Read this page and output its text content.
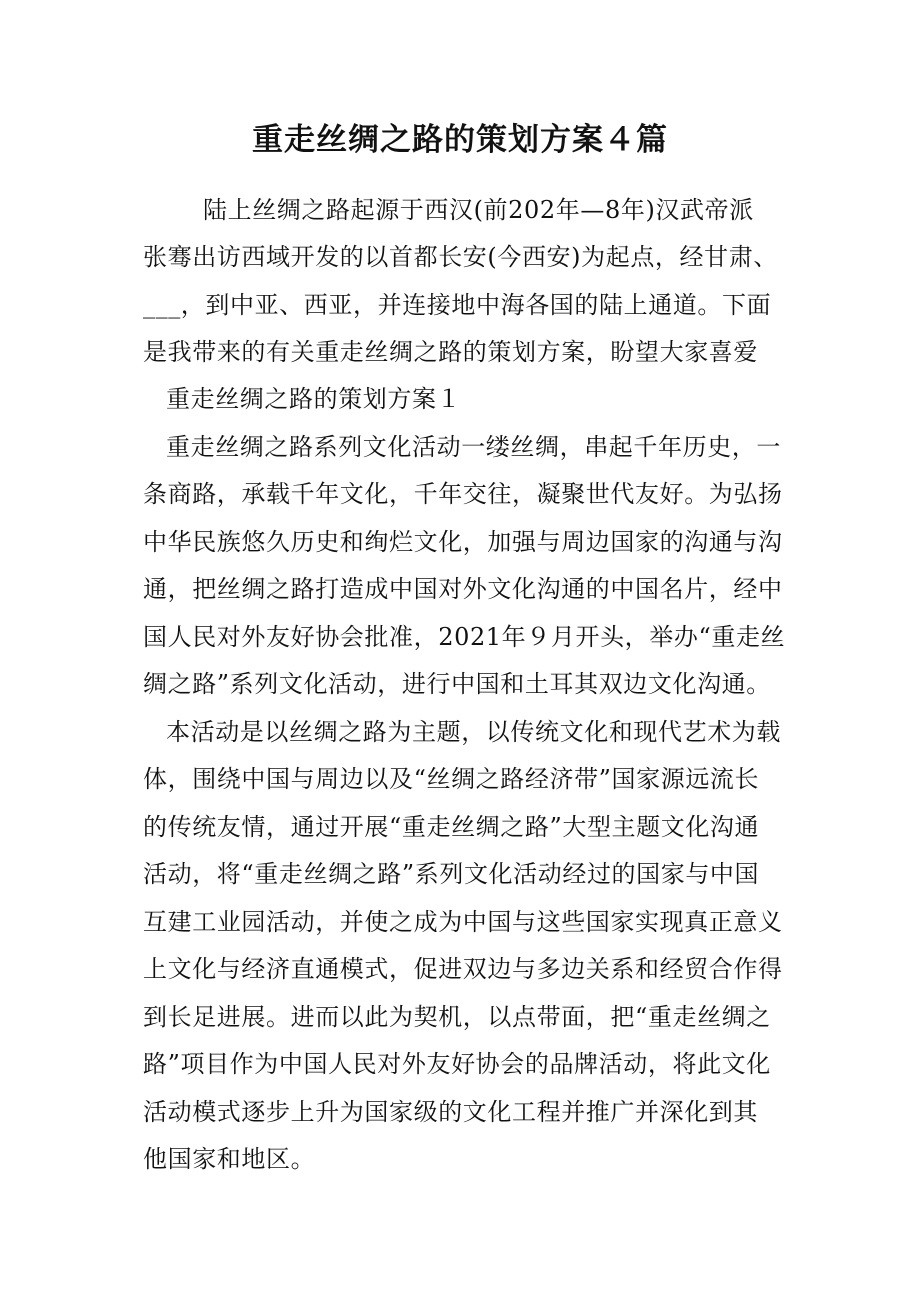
重走丝绸之路的策划方案４篇
陆上丝绸之路起源于西汉(前202年—8年)汉武帝派
张骞出访西域开发的以首都长安(今西安)为起点，经甘肃、
___，到中亚、西亚，并连接地中海各国的陆上通道。下面
是我带来的有关重走丝绸之路的策划方案，盼望大家喜爱
重走丝绸之路的策划方案１
重走丝绸之路系列文化活动一缕丝绸，串起千年历史，一
条商路，承载千年文化，千年交往，凝聚世代友好。为弘扬
中华民族悠久历史和绚烂文化，加强与周边国家的沟通与沟
通，把丝绸之路打造成中国对外文化沟通的中国名片，经中
国人民对外友好协会批准，2021年９月开头，举办“重走丝
绸之路”系列文化活动，进行中国和土耳其双边文化沟通。
本活动是以丝绸之路为主题，以传统文化和现代艺术为载
体，围绕中国与周边以及“丝绸之路经济带”国家源远流长
的传统友情，通过开展“重走丝绸之路”大型主题文化沟通
活动，将“重走丝绸之路”系列文化活动经过的国家与中国
互建工业园活动，并使之成为中国与这些国家实现真正意义
上文化与经济直通模式，促进双边与多边关系和经贸合作得
到长足进展。进而以此为契机，以点带面，把“重走丝绸之
路”项目作为中国人民对外友好协会的品牌活动，将此文化
活动模式逐步上升为国家级的文化工程并推广并深化到其
他国家和地区。
